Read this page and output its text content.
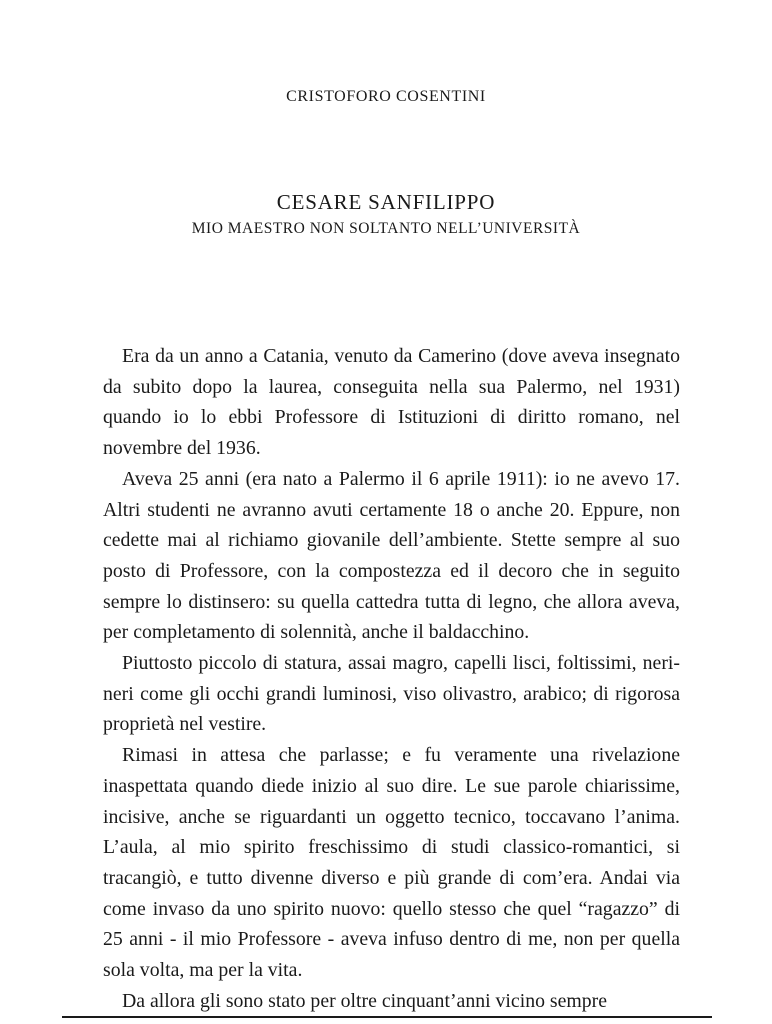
CRISTOFORO COSENTINI
CESARE SANFILIPPO
MIO MAESTRO NON SOLTANTO NELL’UNIVERSITÀ

Era da un anno a Catania, venuto da Camerino (dove aveva insegnato da subito dopo la laurea, conseguita nella sua Palermo, nel 1931) quando io lo ebbi Professore di Istituzioni di diritto romano, nel novembre del 1936.

Aveva 25 anni (era nato a Palermo il 6 aprile 1911): io ne avevo 17. Altri studenti ne avranno avuti certamente 18 o anche 20. Eppure, non cedette mai al richiamo giovanile dell’ambiente. Stette sempre al suo posto di Professore, con la compostezza ed il decoro che in seguito sempre lo distinsero: su quella cattedra tutta di legno, che allora aveva, per completamento di solennità, anche il baldacchino.

Piuttosto piccolo di statura, assai magro, capelli lisci, foltissimi, neri-neri come gli occhi grandi luminosi, viso olivastro, arabico; di rigorosa proprietà nel vestire.

Rimasi in attesa che parlasse; e fu veramente una rivelazione inaspettata quando diede inizio al suo dire. Le sue parole chiarissime, incisive, anche se riguardanti un oggetto tecnico, toccavano l’anima. L’aula, al mio spirito freschissimo di studi classico-romantici, si tracangiò, e tutto divenne diverso e più grande di com’era. Andai via come invaso da uno spirito nuovo: quello stesso che quel “ragazzo” di 25 anni - il mio Professore - aveva infuso dentro di me, non per quella sola volta, ma per la vita.

Da allora gli sono stato per oltre cinquant’anni vicino sempre
